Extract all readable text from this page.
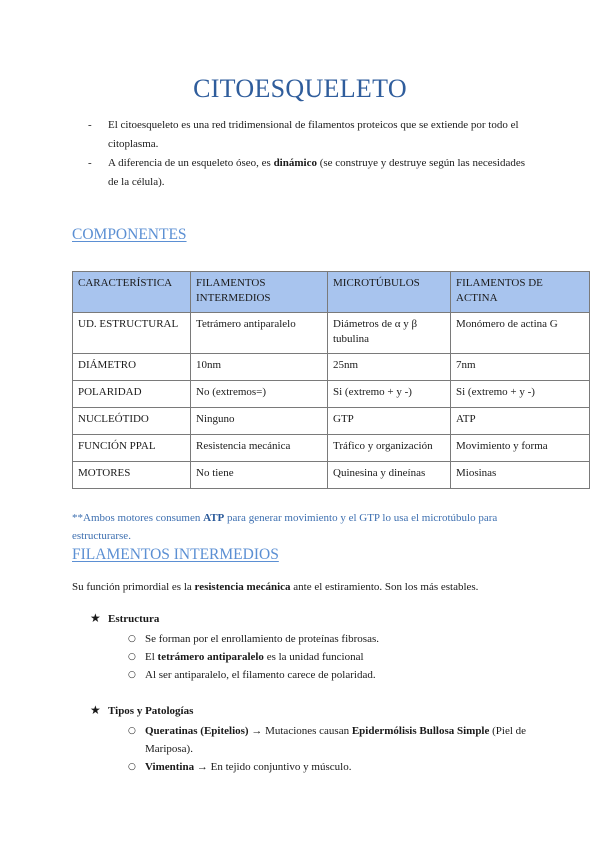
CITOESQUELETO
- El citoesqueleto es una red tridimensional de filamentos proteicos que se extiende por todo el citoplasma.
- A diferencia de un esqueleto óseo, es dinámico (se construye y destruye según las necesidades de la célula).
COMPONENTES
CARACTERÍSTICA	FILAMENTOS INTERMEDIOS	MICROTÚBULOS	FILAMENTOS DE ACTINA
UD. ESTRUCTURAL	Tetrámero antiparalelo	Diámetros de α y β tubulina	Monómero de actina G
DIÁMETRO	10nm	25nm	7nm
POLARIDAD	No (extremos=)	Si (extremo + y -)	Si (extremo + y -)
NUCLEÓTIDO	Ninguno	GTP	ATP
FUNCIÓN PPAL	Resistencia mecánica	Tráfico y organización	Movimiento y forma
MOTORES	No tiene	Quinesina y dineínas	Miosinas
**Ambos motores consumen ATP para generar movimiento y el GTP lo usa el microtúbulo para estructurarse.
FILAMENTOS INTERMEDIOS
Su función primordial es la resistencia mecánica ante el estiramiento. Son los más estables.
★ Estructura
○ Se forman por el enrollamiento de proteínas fibrosas.
○ El tetrámero antiparalelo es la unidad funcional
○ Al ser antiparalelo, el filamento carece de polaridad.
★ Tipos y Patologías
○ Queratinas (Epitelios) → Mutaciones causan Epidermólisis Bullosa Simple (Piel de Mariposa).
○ Vimentina → En tejido conjuntivo y músculo.
